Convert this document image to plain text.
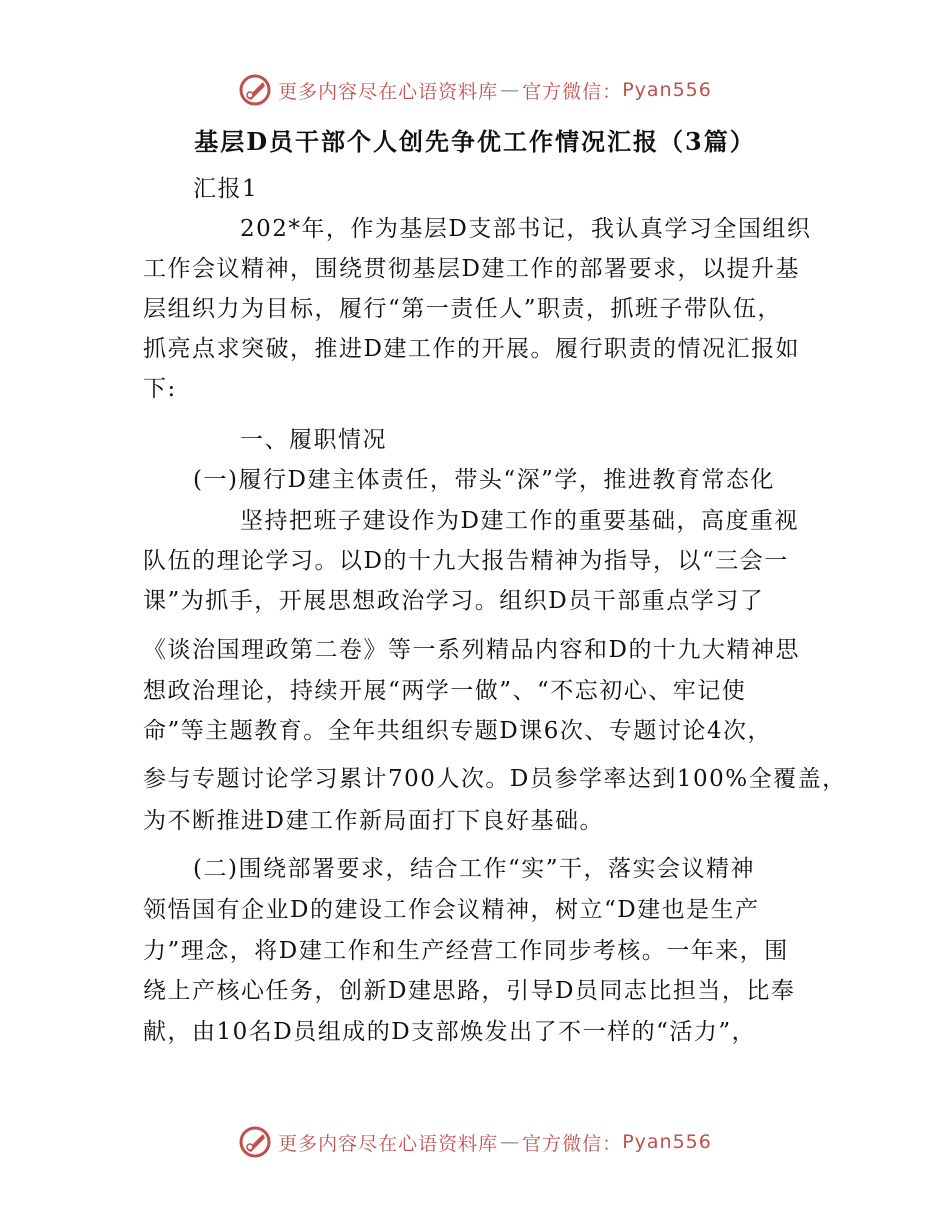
更多内容尽在心语资料库 — 官方微信： Pyan556
基层D员干部个人创先争优工作情况汇报（3篇）
汇报1
202*年，作为基层D支部书记，我认真学习全国组织
工作会议精神，围绕贯彻基层D建工作的部署要求，以提升基
层组织力为目标，履行“第一责任人”职责，抓班子带队伍，
抓亮点求突破，推进D建工作的开展。履行职责的情况汇报如
下:
一、履职情况
(一)履行D建主体责任，带头“深”学，推进教育常态化
坚持把班子建设作为D建工作的重要基础，高度重视
队伍的理论学习。以D的十九大报告精神为指导，以“三会一
课”为抓手，开展思想政治学习。组织D员干部重点学习了
《谈治国理政第二卷》等一系列精品内容和D的十九大精神思
想政治理论，持续开展“两学一做”、“不忘初心、牢记使
命”等主题教育。全年共组织专题D课6次、专题讨论4次，
参与专题讨论学习累计700人次。D员参学率达到100%全覆盖，
为不断推进D建工作新局面打下良好基础。
(二)围绕部署要求，结合工作“实”干，落实会议精神
领悟国有企业D的建设工作会议精神，树立“D建也是生产
力”理念，将D建工作和生产经营工作同步考核。一年来，围
绕上产核心任务，创新D建思路，引导D员同志比担当，比奉
献，由10名D员组成的D支部焕发出了不一样的“活力”，
更多内容尽在心语资料库 — 官方微信： Pyan556
